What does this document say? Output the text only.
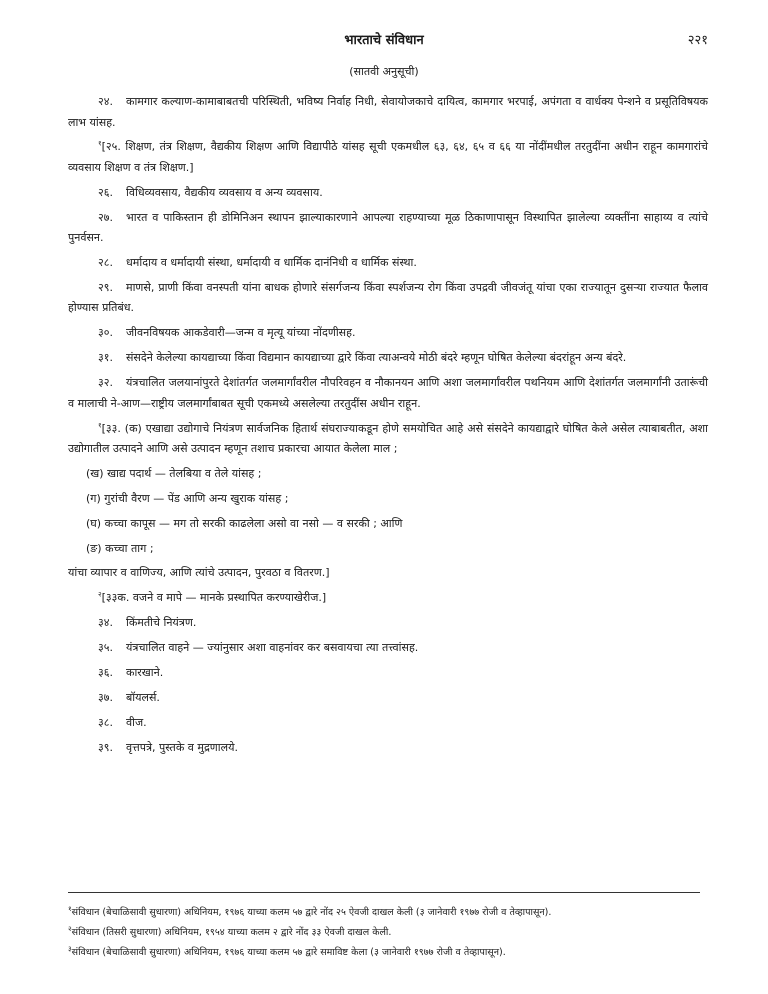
भारताचे संविधान	२२१
(सातवी अनुसूची)

२४. कामगार कल्याण-कामाबाबतची परिस्थिती, भविष्य निर्वाह निधी, सेवायोजकाचे दायित्व, कामगार भरपाई, अपंगता व वार्धक्य पेन्शने व प्रसूतिविषयक लाभ यांसह.

$^१$[२५. शिक्षण, तंत्र शिक्षण, वैद्यकीय शिक्षण आणि विद्यापीठे यांसह सूची एकमधील ६३, ६४, ६५ व ६६ या नोंदींमधील तरतुदींना अधीन राहून कामगारांचे व्यवसाय शिक्षण व तंत्र शिक्षण.]

२६. विधिव्यवसाय, वैद्यकीय व्यवसाय व अन्य व्यवसाय.

२७. भारत व पाकिस्तान ही डोमिनिअन स्थापन झाल्याकारणाने आपल्या राहण्याच्या मूळ ठिकाणापासून विस्थापित झालेल्या व्यक्तींना साहाय्य व त्यांचे पुनर्वसन.

२८. धर्मादाय व धर्मादायी संस्था, धर्मादायी व धार्मिक दानंनिधी व धार्मिक संस्था.

२९. माणसे, प्राणी किंवा वनस्पती यांना बाधक होणारे संसर्गजन्य किंवा स्पर्शजन्य रोग किंवा उपद्रवी जीवजंतू यांचा एका राज्यातून दुसऱ्या राज्यात फैलाव होण्यास प्रतिबंध.

३०. जीवनविषयक आकडेवारी—जन्म व मृत्यू यांच्या नोंदणीसह.

३१. संसदेने केलेल्या कायद्याच्या किंवा विद्यमान कायद्याच्या द्वारे किंवा त्याअन्वये मोठी बंदरे म्हणून घोषित केलेल्या बंदरांहून अन्य बंदरे.

३२. यंत्रचालित जलयानांपुरते देशांतर्गत जलमार्गांवरील नौपरिवहन व नौकानयन आणि अशा जलमार्गांवरील पथनियम आणि देशांतर्गत जलमार्गांनी उतारूंची व मालाची ने-आण—राष्ट्रीय जलमार्गांबाबत सूची एकमध्ये असलेल्या तरतुदींस अधीन राहून.

$^१$[३३. (क) एखाद्या उद्योगाचे नियंत्रण सार्वजनिक हितार्थ संघराज्याकडून होणे समयोचित आहे असे संसदेने कायद्याद्वारे घोषित केले असेल त्याबाबतीत, अशा उद्योगातील उत्पादने आणि असे उत्पादन म्हणून तशाच प्रकारचा आयात केलेला माल ;

(ख) खाद्य पदार्थ — तेलबिया व तेले यांसह ;

(ग) गुरांची वैरण — पेंड आणि अन्य खुराक यांसह ;

(घ) कच्चा कापूस — मग तो सरकी काढलेला असो वा नसो — व सरकी ; आणि

(ङ) कच्चा ताग ;

यांचा व्यापार व वाणिज्य, आणि त्यांचे उत्पादन, पुरवठा व वितरण.]

$^२$[३३क. वजने व मापे — मानके प्रस्थापित करण्याखेरीज.]

३४. किंमतीचे नियंत्रण.

३५. यंत्रचालित वाहने — ज्यांनुसार अशा वाहनांवर कर बसवायचा त्या तत्त्वांसह.

३६. कारखाने.

३७. बॉयलर्स.

३८. वीज.

३९. वृत्तपत्रे, पुस्तके व मुद्रणालये.

$^१$संविधान (बेचाळिसावी सुधारणा) अधिनियम, १९७६ याच्या कलम ५७ द्वारे नोंद २५ ऐवजी दाखल केली (३ जानेवारी १९७७ रोजी व तेव्हापासून).
$^२$संविधान (तिसरी सुधारणा) अधिनियम, १९५४ याच्या कलम २ द्वारे नोंद ३३ ऐवजी दाखल केली.
$^३$संविधान (बेचाळिसावी सुधारणा) अधिनियम, १९७६ याच्या कलम ५७ द्वारे समाविष्ट केला (३ जानेवारी १९७७ रोजी व तेव्हापासून).
